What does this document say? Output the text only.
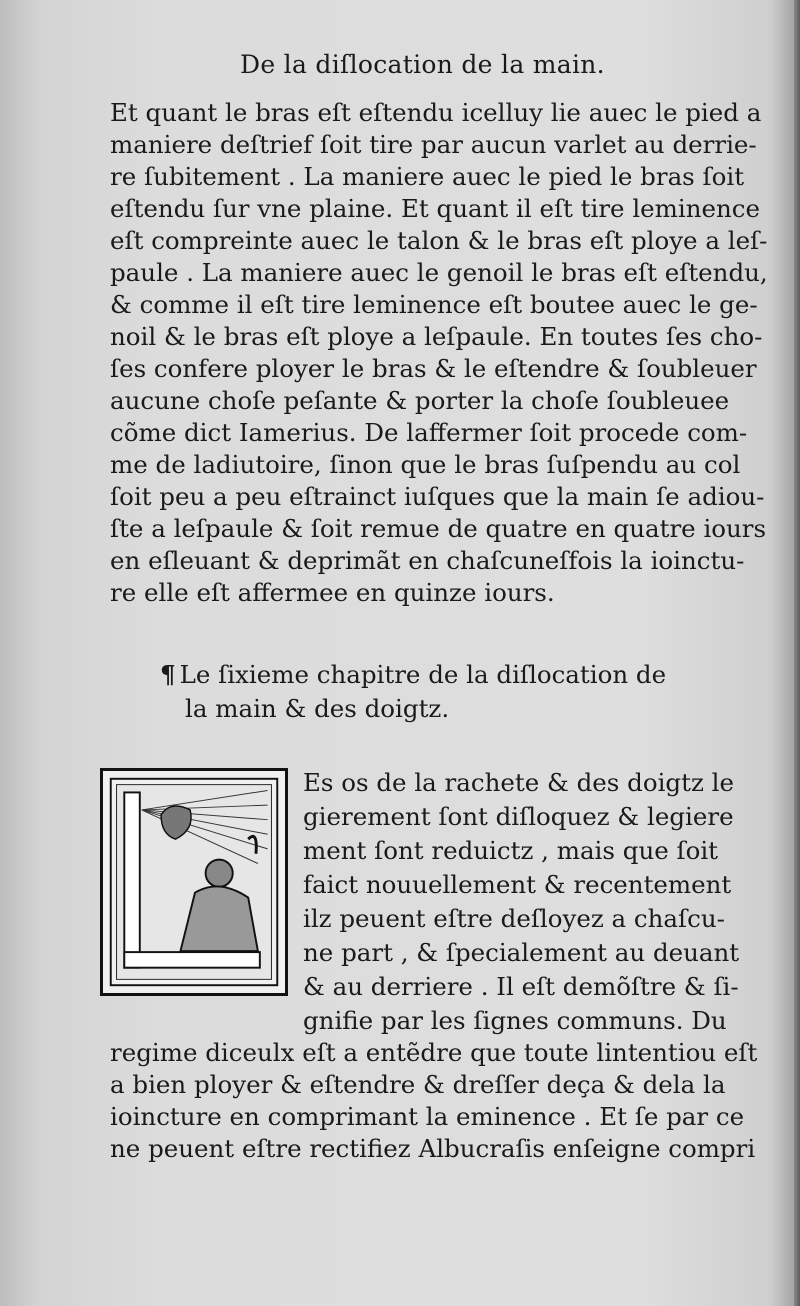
De la diſlocation de la main.
Et quant le bras eſt eſtendu icelluy lie auec le pied a
maniere deſtrief ſoit tire par aucun varlet au derrie-
re ſubitement . La maniere auec le pied le bras ſoit
eſtendu ſur vne plaine. Et quant il eſt tire leminence
eſt compreinte auec le talon & le bras eſt ploye a leſ-
paule . La maniere auec le genoil le bras eſt eſtendu,
& comme il eſt tire leminence eſt boutee auec le ge-
noil & le bras eſt ploye a leſpaule. En toutes ſes cho-
ſes confere ployer le bras & le eſtendre & ſoubleuer
aucune choſe peſante & porter la choſe ſoubleuee
cõme dict Iamerius. De laffermer ſoit procede com-
me de ladiutoire, ſinon que le bras ſuſpendu au col
ſoit peu a peu eſtrainct iuſques que la main ſe adiou-
ſte a leſpaule & ſoit remue de quatre en quatre iours
en eſleuant & deprimãt en chaſcuneſfois la ioinctu-
re elle eſt affermee en quinze iours.
¶ Le ſixieme chapitre de la diſlocation de
la main & des doigtz.
Es os de la rachete & des doigtz le
gierement ſont diſloquez & legiere
ment ſont reduictz , mais que ſoit
faict nouuellement & recentement
ilz peuent eſtre deſloyez a chaſcu-
ne part , & ſpecialement au deuant
& au derriere . Il eſt demõſtre & ſi-
gnifie par les ſignes communs. Du
regime diceulx eſt a entẽdre que toute lintentiou eſt
a bien ployer & eſtendre & dreſſer deça & dela la
ioincture en comprimant la eminence . Et ſe par ce
ne peuent eſtre rectifiez Albucraſis enſeigne compri
